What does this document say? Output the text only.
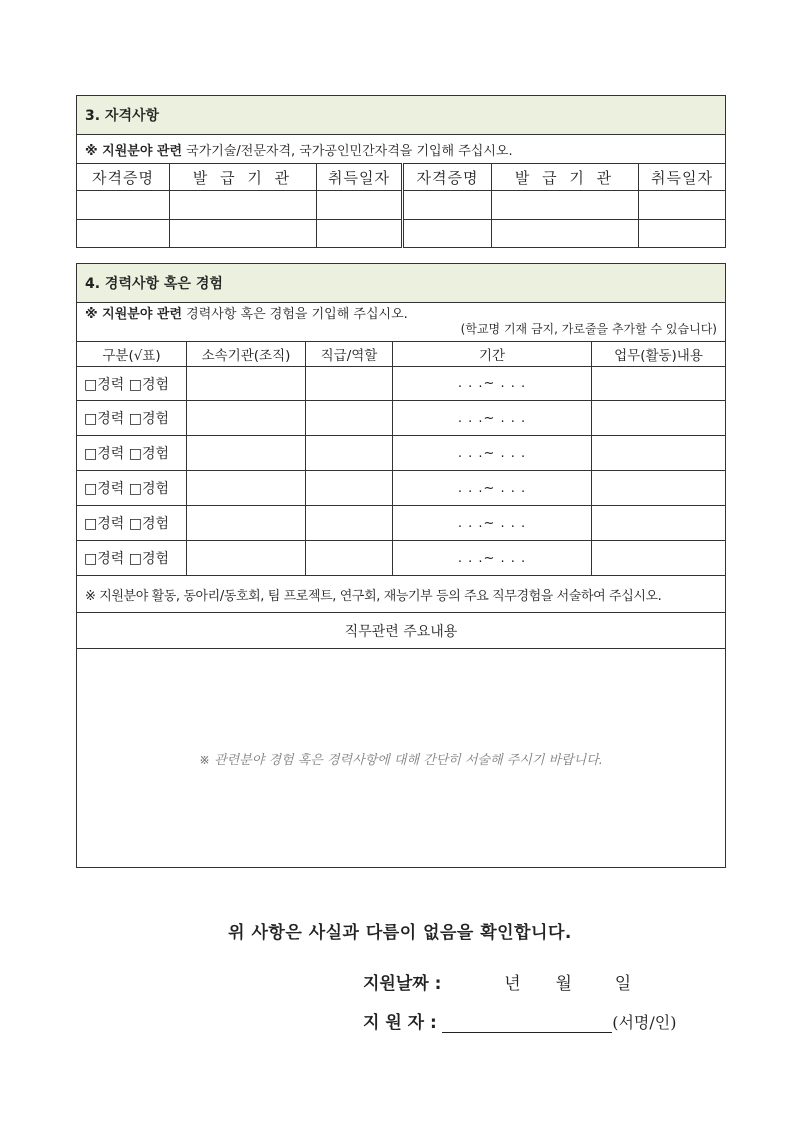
3. 자격사항					
※ 지원분야 관련 국가기술/전문자격, 국가공인민간자격을 기입해 주십시오.					
자격증명	발 급 기 관	취득일자	자격증명	발 급 기 관	취득일자

4. 경력사항 혹은 경험				

※ 지원분야 관련 경력사항 혹은 경험을 기입해 주십시오.
(학교명 기재 금지, 가로줄을 추가할 수 있습니다)				

구분(√표)	소속기관(조직)	직급/역할	기간	업무(활동)내용
□경력 □경험			. . .~ . . .	
□경력 □경험			. . .~ . . .	
□경력 □경험			. . .~ . . .	
□경력 □경험			. . .~ . . .	
□경력 □경험			. . .~ . . .	
□경력 □경험			. . .~ . . .	
※ 지원분야 활동, 동아리/동호회, 팀 프로젝트, 연구회, 재능기부 등의 주요 직무경험을 서술하여 주십시오.				
직무관련 주요내용				
※ 관련분야 경험 혹은 경력사항에 대해 간단히 서술해 주시기 바랍니다.				
위 사항은 사실과 다름이 없음을 확인합니다.
지원날짜 :	년 월	일
지 원 자 :	(서명/인)
